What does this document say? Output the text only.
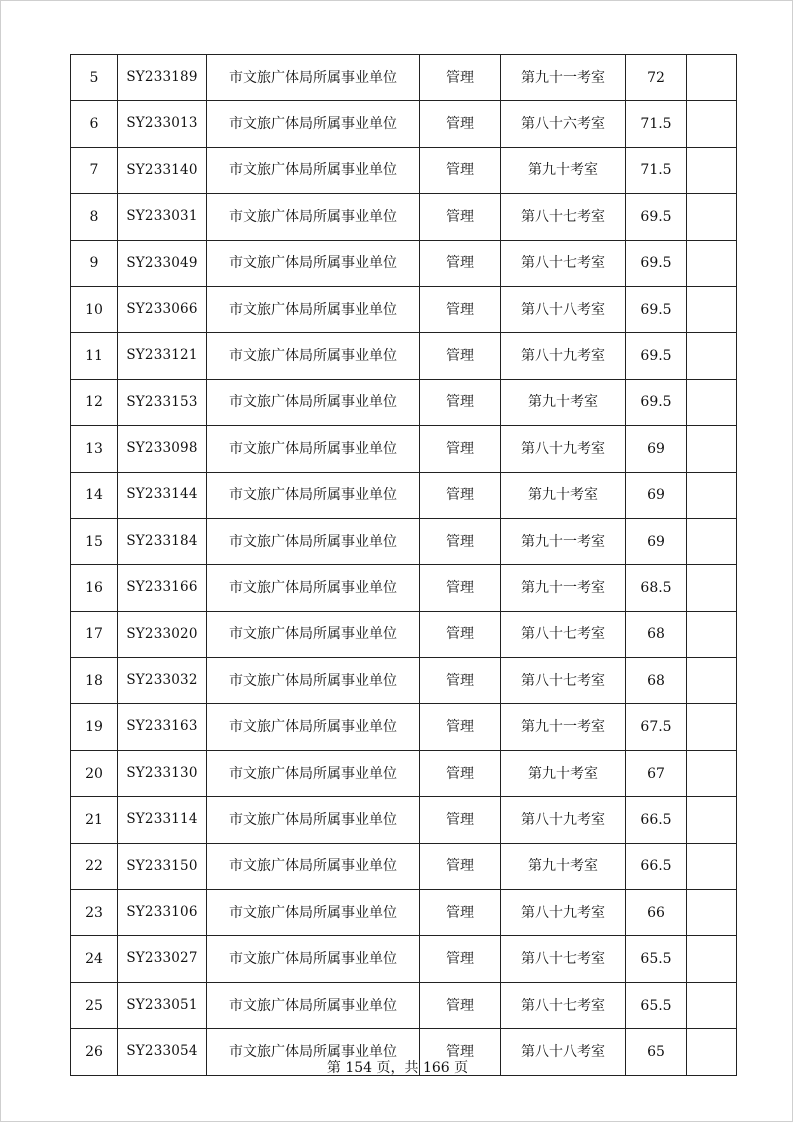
5	SY233189	市文旅广体局所属事业单位	管理	第九十一考室	72	
6	SY233013	市文旅广体局所属事业单位	管理	第八十六考室	71.5	
7	SY233140	市文旅广体局所属事业单位	管理	第九十考室	71.5	
8	SY233031	市文旅广体局所属事业单位	管理	第八十七考室	69.5	
9	SY233049	市文旅广体局所属事业单位	管理	第八十七考室	69.5	
10	SY233066	市文旅广体局所属事业单位	管理	第八十八考室	69.5	
11	SY233121	市文旅广体局所属事业单位	管理	第八十九考室	69.5	
12	SY233153	市文旅广体局所属事业单位	管理	第九十考室	69.5	
13	SY233098	市文旅广体局所属事业单位	管理	第八十九考室	69	
14	SY233144	市文旅广体局所属事业单位	管理	第九十考室	69	
15	SY233184	市文旅广体局所属事业单位	管理	第九十一考室	69	
16	SY233166	市文旅广体局所属事业单位	管理	第九十一考室	68.5	
17	SY233020	市文旅广体局所属事业单位	管理	第八十七考室	68	
18	SY233032	市文旅广体局所属事业单位	管理	第八十七考室	68	
19	SY233163	市文旅广体局所属事业单位	管理	第九十一考室	67.5	
20	SY233130	市文旅广体局所属事业单位	管理	第九十考室	67	
21	SY233114	市文旅广体局所属事业单位	管理	第八十九考室	66.5	
22	SY233150	市文旅广体局所属事业单位	管理	第九十考室	66.5	
23	SY233106	市文旅广体局所属事业单位	管理	第八十九考室	66	
24	SY233027	市文旅广体局所属事业单位	管理	第八十七考室	65.5	
25	SY233051	市文旅广体局所属事业单位	管理	第八十七考室	65.5	
26	SY233054	市文旅广体局所属事业单位	管理	第八十八考室	65	
第 154 页，共 166 页
